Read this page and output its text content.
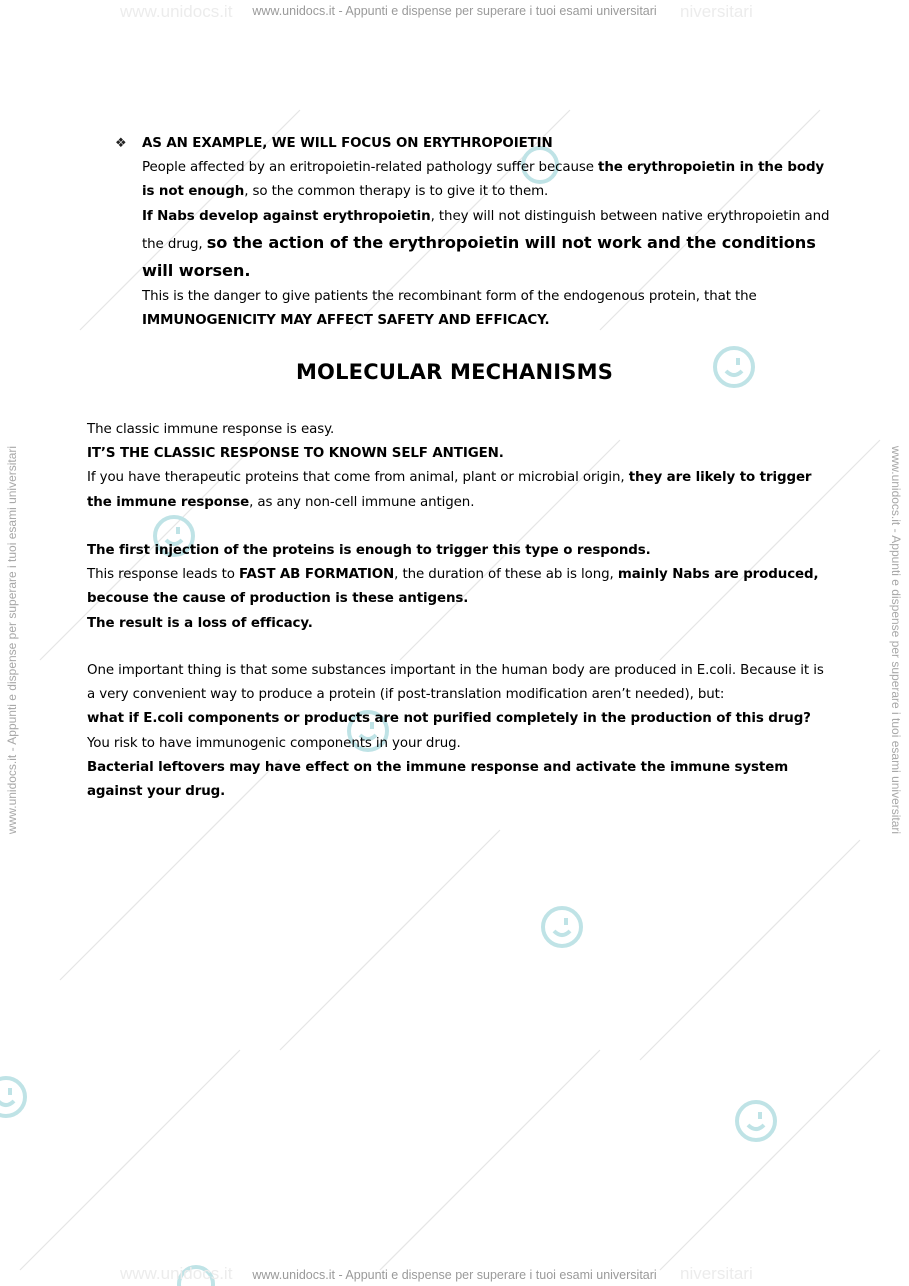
www.unidocs.it	niversitari
www.unidocs.it - Appunti e dispense per superare i tuoi esami universitari
www.unidocs.it	niversitari
www.unidocs.it - Appunti e dispense per superare i tuoi esami universitari
www.unidocs.it - Appunti e dispense per superare i tuoi esami universitari	www.unidocs.it - Appunti e dispense per superare i tuoi esami universitari
❖ AS AN EXAMPLE, WE WILL FOCUS ON ERYTHROPOIETIN
People affected by an eritropoietin-related pathology suffer because the erythropoietin in the body is not enough, so the common therapy is to give it to them.
If Nabs develop against erythropoietin, they will not distinguish between native erythropoietin and the drug, so the action of the erythropoietin will not work and the conditions will worsen.
This is the danger to give patients the recombinant form of the endogenous protein, that the IMMUNOGENICITY MAY AFFECT SAFETY AND EFFICACY.
MOLECULAR MECHANISMS
The classic immune response is easy.
IT’S THE CLASSIC RESPONSE TO KNOWN SELF ANTIGEN.
If you have therapeutic proteins that come from animal, plant or microbial origin, they are likely to trigger the immune response, as any non-cell immune antigen.
The first injection of the proteins is enough to trigger this type o responds.
This response leads to FAST AB FORMATION, the duration of these ab is long, mainly Nabs are produced, becouse the cause of production is these antigens.
The result is a loss of efficacy.
One important thing is that some substances important in the human body are produced in E.coli. Because it is a very convenient way to produce a protein (if post-translation modification aren’t needed), but:
what if E.coli components or products are not purified completely in the production of this drug?
You risk to have immunogenic components in your drug.
Bacterial leftovers may have effect on the immune response and activate the immune system against your drug.
